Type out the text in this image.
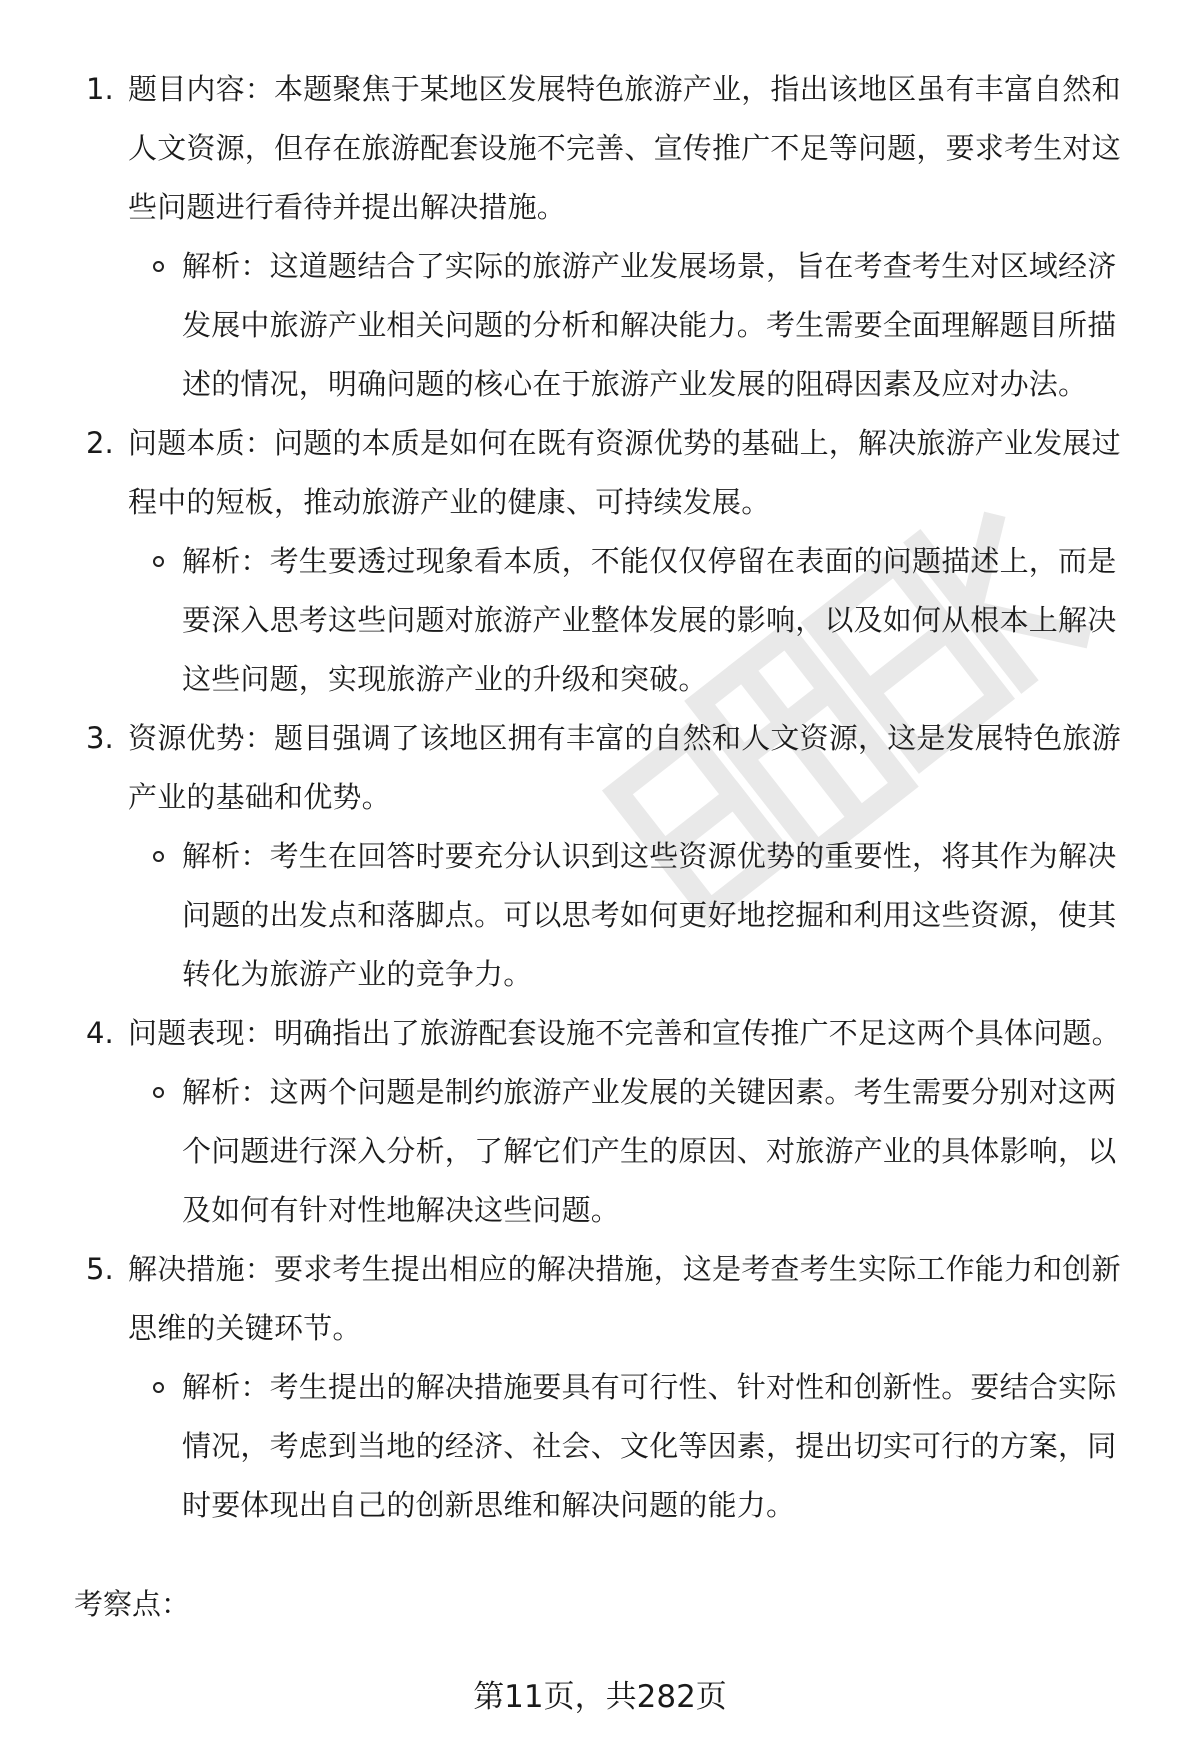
1. 题目内容：本题聚焦于某地区发展特色旅游产业，指出该地区虽有丰富自然和人文资源，但存在旅游配套设施不完善、宣传推广不足等问题，要求考生对这些问题进行看待并提出解决措施。
解析：这道题结合了实际的旅游产业发展场景，旨在考查考生对区域经济发展中旅游产业相关问题的分析和解决能力。考生需要全面理解题目所描述的情况，明确问题的核心在于旅游产业发展的阻碍因素及应对办法。
2. 问题本质：问题的本质是如何在既有资源优势的基础上，解决旅游产业发展过程中的短板，推动旅游产业的健康、可持续发展。
解析：考生要透过现象看本质，不能仅仅停留在表面的问题描述上，而是要深入思考这些问题对旅游产业整体发展的影响，以及如何从根本上解决这些问题，实现旅游产业的升级和突破。
3. 资源优势：题目强调了该地区拥有丰富的自然和人文资源，这是发展特色旅游产业的基础和优势。
解析：考生在回答时要充分认识到这些资源优势的重要性，将其作为解决问题的出发点和落脚点。可以思考如何更好地挖掘和利用这些资源，使其转化为旅游产业的竞争力。
4. 问题表现：明确指出了旅游配套设施不完善和宣传推广不足这两个具体问题。
解析：这两个问题是制约旅游产业发展的关键因素。考生需要分别对这两个问题进行深入分析，了解它们产生的原因、对旅游产业的具体影响，以及如何有针对性地解决这些问题。
5. 解决措施：要求考生提出相应的解决措施，这是考查考生实际工作能力和创新思维的关键环节。
解析：考生提出的解决措施要具有可行性、针对性和创新性。要结合实际情况，考虑到当地的经济、社会、文化等因素，提出切实可行的方案，同时要体现出自己的创新思维和解决问题的能力。
考察点：
第11页，共282页
